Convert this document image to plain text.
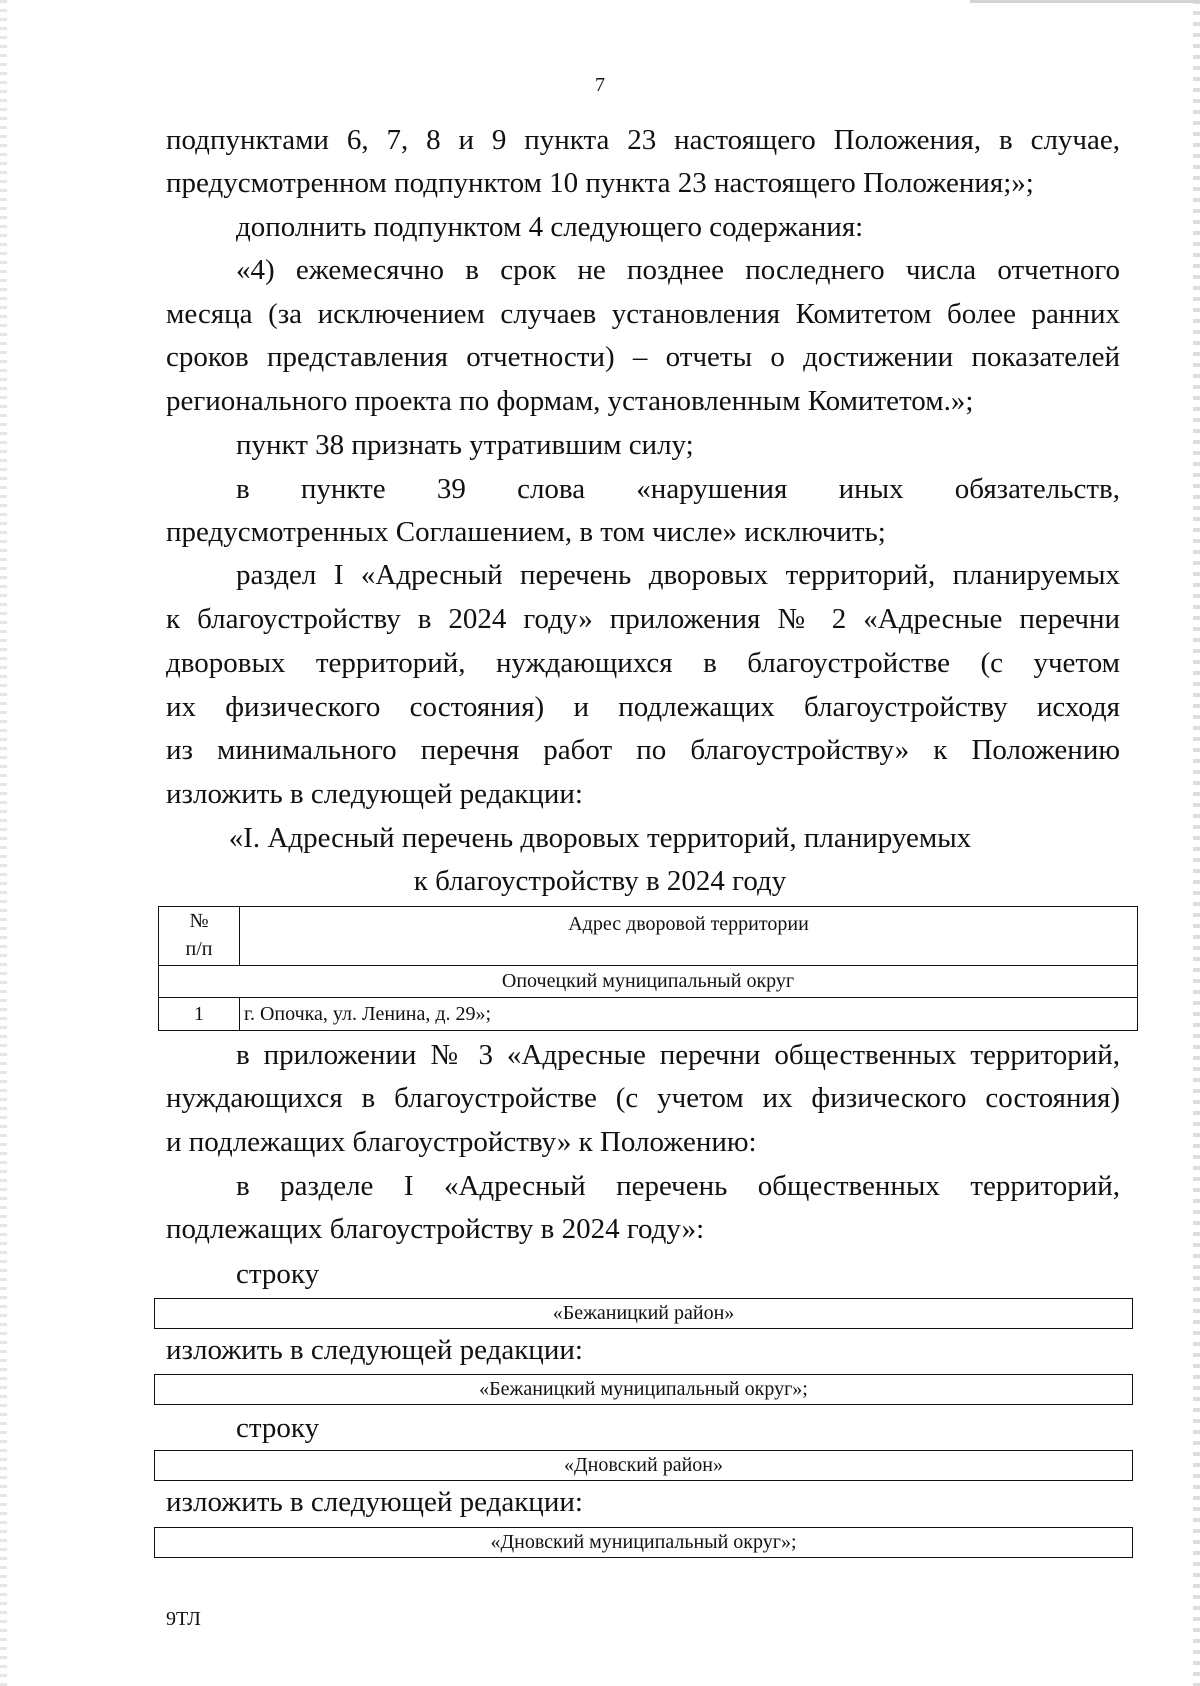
7

подпунктами 6, 7, 8 и 9 пункта 23 настоящего Положения, в случае,

предусмотренном подпунктом 10 пункта 23 настоящего Положения;»;

дополнить подпунктом 4 следующего содержания:

«4) ежемесячно в срок не позднее последнего числа отчетного

месяца (за исключением случаев установления Комитетом более ранних

сроков представления отчетности) – отчеты о достижении показателей

регионального проекта по формам, установленным Комитетом.»;

пункт 38 признать утратившим силу;

в пункте 39 слова «нарушения иных обязательств,

предусмотренных Соглашением, в том числе» исключить;

раздел I «Адресный перечень дворовых территорий, планируемых

к благоустройству в 2024 году» приложения № 2 «Адресные перечни

дворовых территорий, нуждающихся в благоустройстве (с учетом

их физического состояния) и подлежащих благоустройству исходя

из минимального перечня работ по благоустройству» к Положению

изложить в следующей редакции:

«I. Адресный перечень дворовых территорий, планируемых

к благоустройству в 2024 году

№
п/п	Адрес дворовой территории
Опочецкий муниципальный округ	
1	г. Опочка, ул. Ленина, д. 29»;

в приложении № 3 «Адресные перечни общественных территорий,

нуждающихся в благоустройстве (с учетом их физического состояния)

и подлежащих благоустройству» к Положению:

в разделе I «Адресный перечень общественных территорий,

подлежащих благоустройству в 2024 году»:

строку

«Бежаницкий район»

изложить в следующей редакции:

«Бежаницкий муниципальный округ»;

строку

«Дновский район»

изложить в следующей редакции:

«Дновский муниципальный округ»;
9ТЛ
